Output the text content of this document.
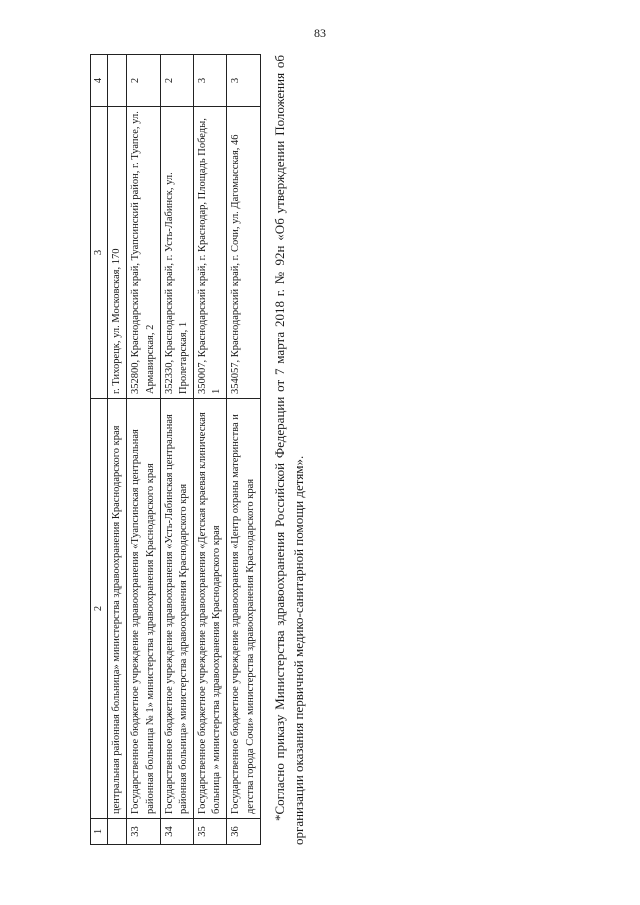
83
1	2	3	4
	центральная районная больница» министерства здравоохранения Краснодарского края	г. Тихорецк, ул. Московская, 170	
33	Государственное бюджетное учреждение здравоохранения «Туапсинская центральная районная больница № 1» министерства здравоохранения Краснодарского края	352800, Краснодарский край, Туапсинский район, г. Туапсе, ул. Армавирская, 2	2
34	Государственное бюджетное учреждение здравоохранения «Усть-Лабинская центральная районная больница» министерства здравоохранения Краснодарского края	352330, Краснодарский край, г. Усть-Лабинск, ул. Пролетарская, 1	2
35	Государственное бюджетное учреждение здравоохранения «Детская краевая клиническая больница » министерства здравоохранения Краснодарского края	350007, Краснодарский край, г. Краснодар, Площадь Победы, 1	3
36	Государственное бюджетное учреждение здравоохранения «Центр охраны материнства и детства города Сочи» министерства здравоохранения Краснодарского края	354057, Краснодарский край, г. Сочи, ул. Дагомысская, 46	3 *Согласно приказу Министерства здравоохранения Российской Федерации от 7 марта 2018 г. № 92н «Об утверждении Положения об организации оказания первичной медико-санитарной помощи детям».
